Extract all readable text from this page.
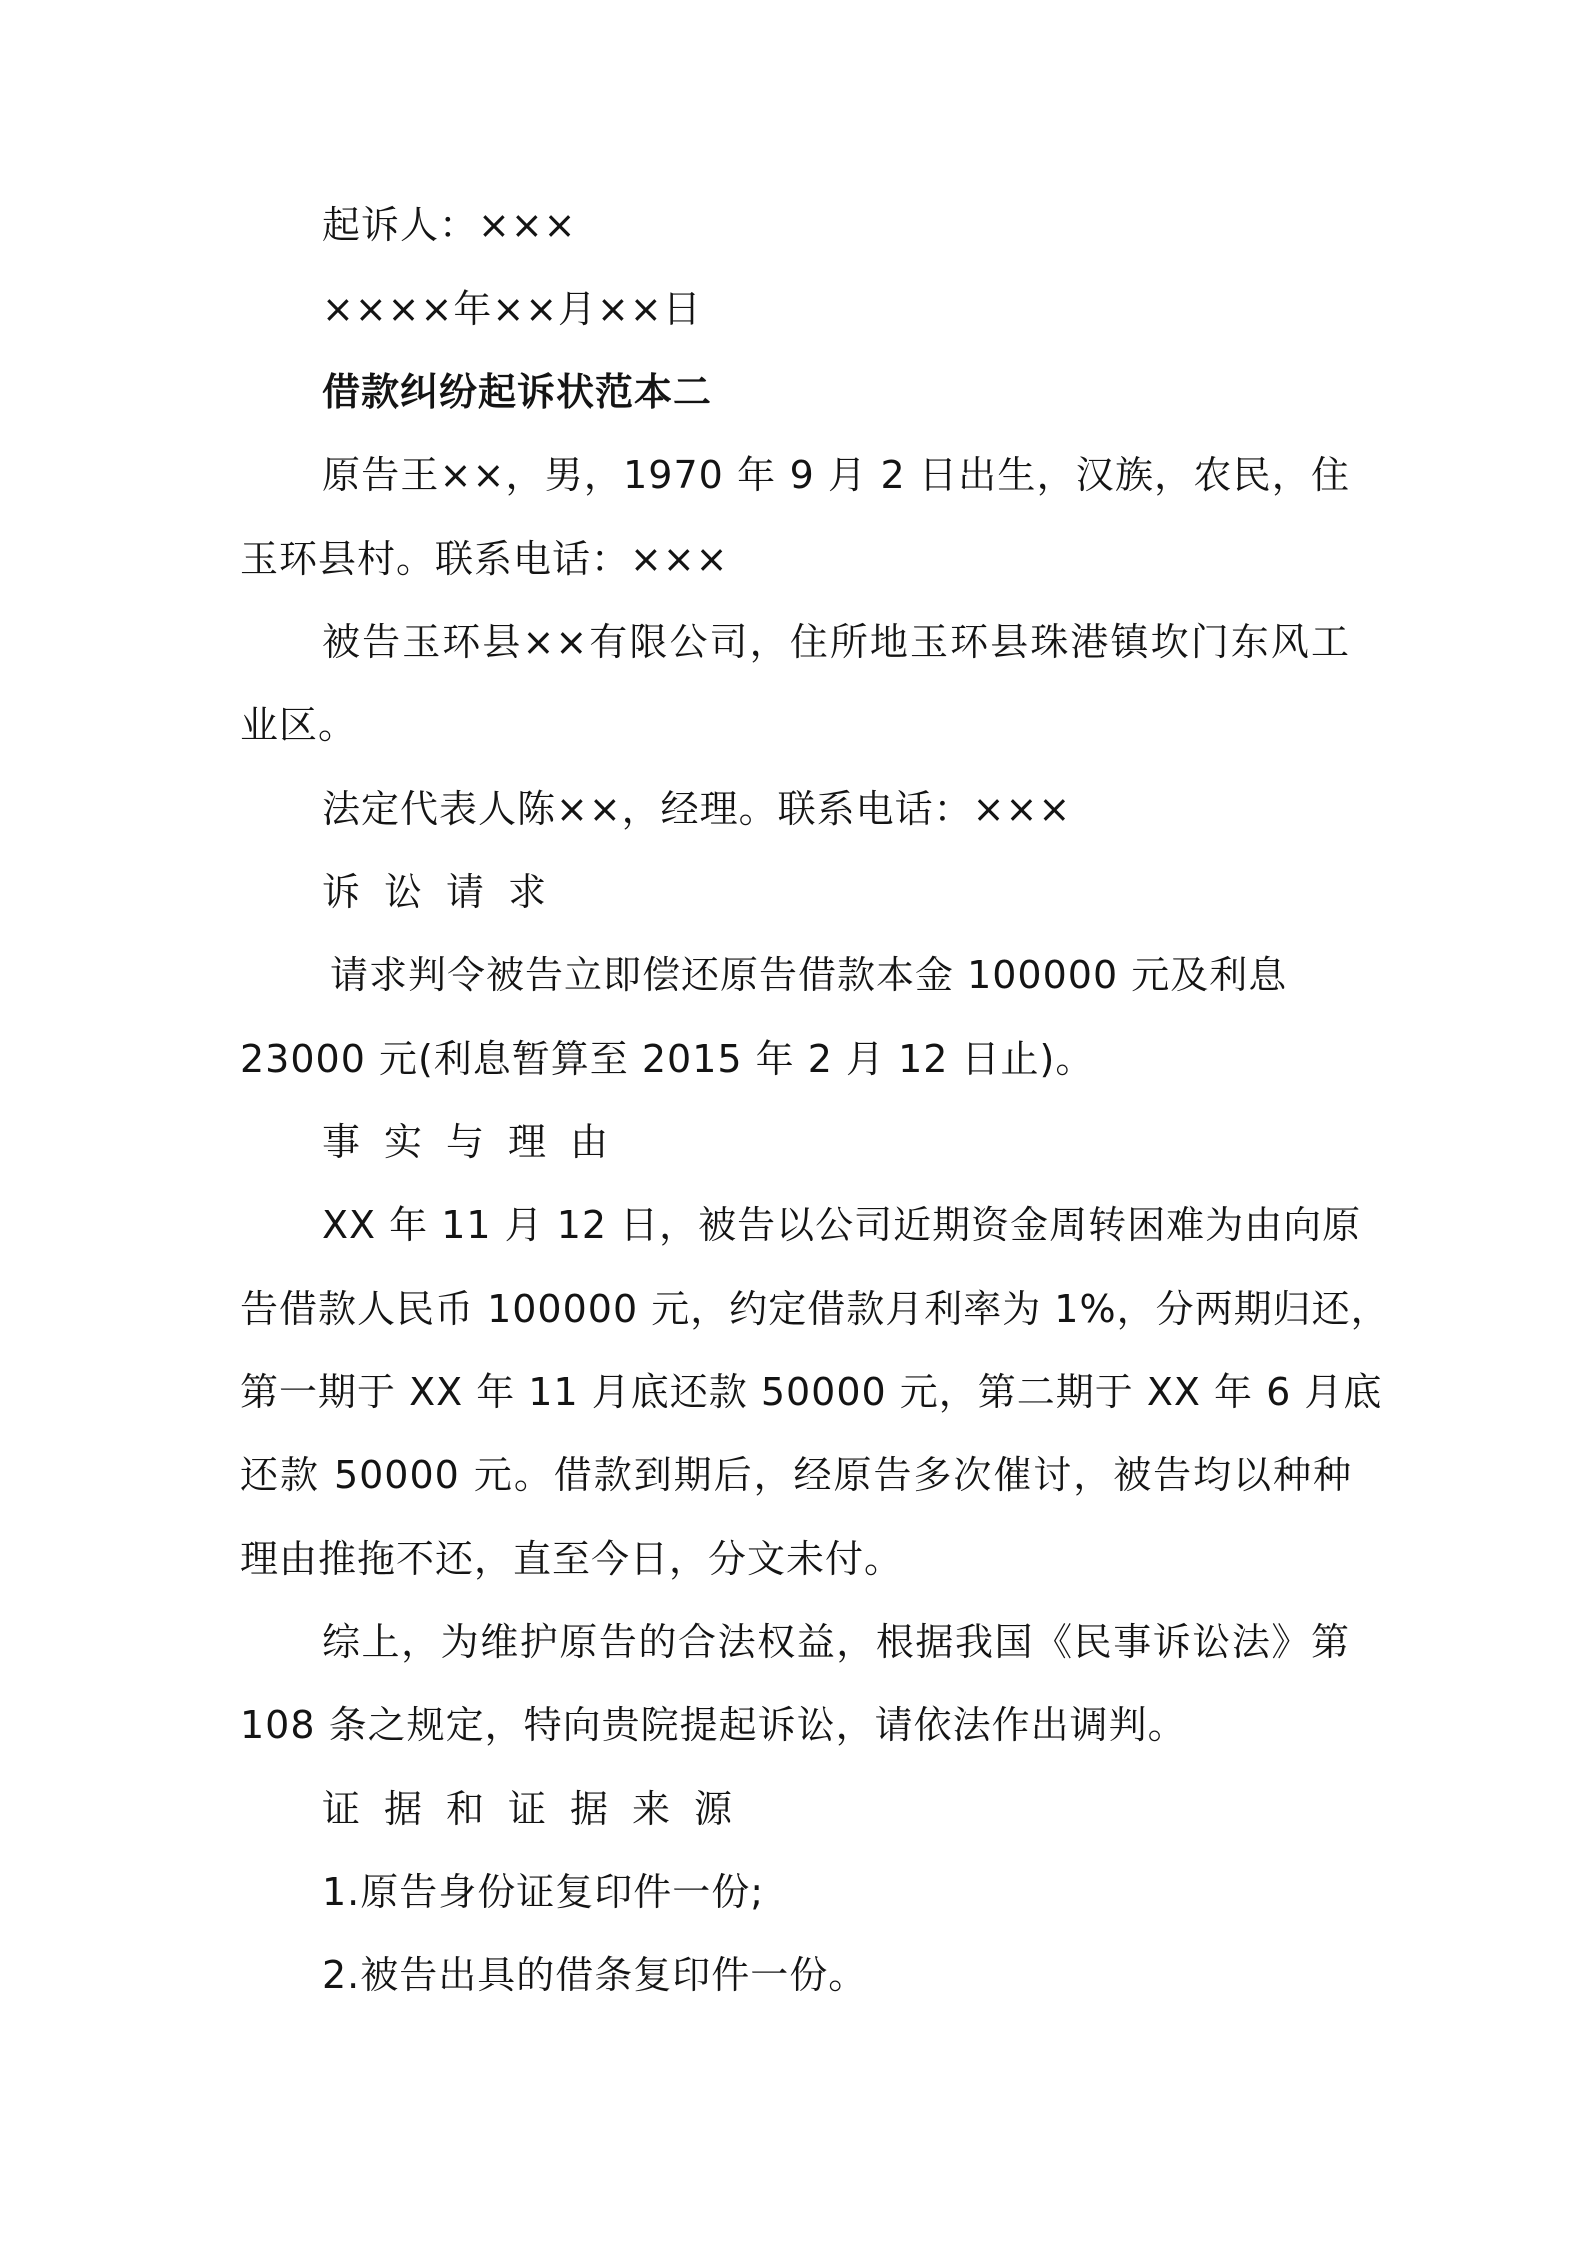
起诉人：×××
××××年××月××日
借款纠纷起诉状范本二
原告王××，男，1970 年 9 月 2 日出生，汉族，农民，住
玉环县村。联系电话：×××
被告玉环县××有限公司，住所地玉环县珠港镇坎门东风工
业区。
法定代表人陈××，经理。联系电话：×××
诉讼请求
请求判令被告立即偿还原告借款本金 100000 元及利息
23000 元(利息暂算至 2015 年 2 月 12 日止)。
事实与理由
XX 年 11 月 12 日，被告以公司近期资金周转困难为由向原
告借款人民币 100000 元，约定借款月利率为 1%，分两期归还，
第一期于 XX 年 11 月底还款 50000 元，第二期于 XX 年 6 月底
还款 50000 元。借款到期后，经原告多次催讨，被告均以种种
理由推拖不还，直至今日，分文未付。
综上，为维护原告的合法权益，根据我国《民事诉讼法》第
108 条之规定，特向贵院提起诉讼，请依法作出调判。
证据和证据来源
1.原告身份证复印件一份;
2.被告出具的借条复印件一份。
